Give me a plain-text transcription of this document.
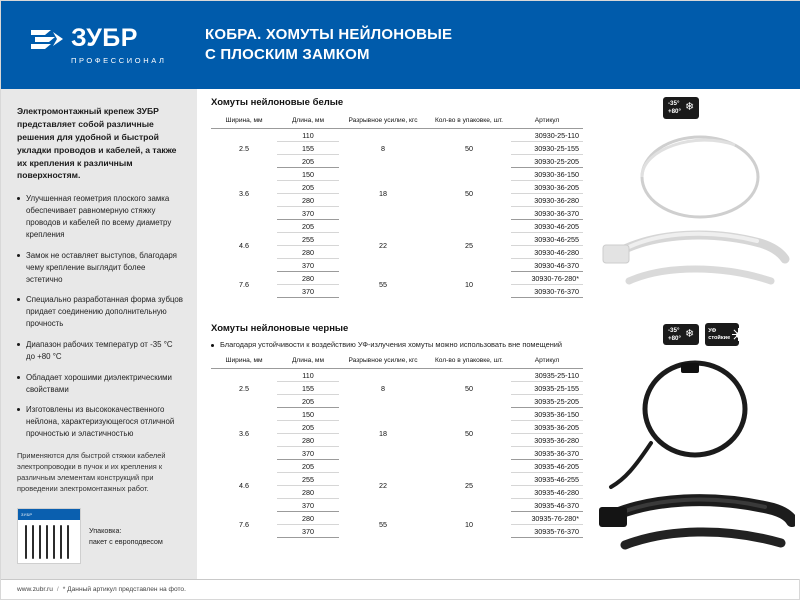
ЗУБР
ПРОФЕССИОНАЛ
КОБРА. ХОМУТЫ НЕЙЛОНОВЫЕ
С ПЛОСКИМ ЗАМКОМ
Электромонтажный крепеж ЗУБР представляет собой различные решения для удобной и быстрой укладки проводов и кабелей, а также их крепления к различным поверхностям.
Улучшенная геометрия плоского замка обеспечивает равномерную стяжку проводов и кабелей по всему диаметру крепления
Замок не оставляет выступов, благодаря чему крепление выглядит более эстетично
Специально разработанная форма зубцов придает соединению дополнительную прочность
Диапазон рабочих температур от -35 °С до +80 °С
Обладает хорошими диэлектрическими свойствами
Изготовлены из высококачественного нейлона, характеризующегося отличной прочностью и эластичностью
Применяются для быстрой стяжки кабелей электропроводки в пучок и их крепления к различным элементам конструкций при проведении электромонтажных работ.
ЗУБР
Упаковка:
пакет с европодвесом
Хомуты нейлоновые белые
Ширина, мм	Длина, мм	Разрывное усилие, кгс	Кол-во в упаковке, шт.	Артикул
2.5	110	8	50	30930-25-110
	155			30930-25-155
	205			30930-25-205
3.6	150	18	50	30930-36-150
	205			30930-36-205
	280			30930-36-280
	370			30930-36-370
4.6	205	22	25	30930-46-205
	255			30930-46-255
	280			30930-46-280
	370			30930-46-370
7.6	280	55	10	30930-76-280*
	370			30930-76-370
Хомуты нейлоновые черные
Благодаря устойчивости к воздействию УФ-излучения хомуты можно использовать вне помещений
Ширина, мм	Длина, мм	Разрывное усилие, кгс	Кол-во в упаковке, шт.	Артикул
2.5	110	8	50	30935-25-110
	155			30935-25-155
	205			30935-25-205
3.6	150	18	50	30935-36-150
	205			30935-36-205
	280			30935-36-280
	370			30935-36-370
4.6	205	22	25	30935-46-205
	255			30935-46-255
	280			30935-46-280
	370			30935-46-370
7.6	280	55	10	30935-76-280*
	370			30935-76-370
-35°
+80° ❄
-35°
+80° ❄	УФ
стойкие
www.zubr.ru / * Данный артикул представлен на фото.
